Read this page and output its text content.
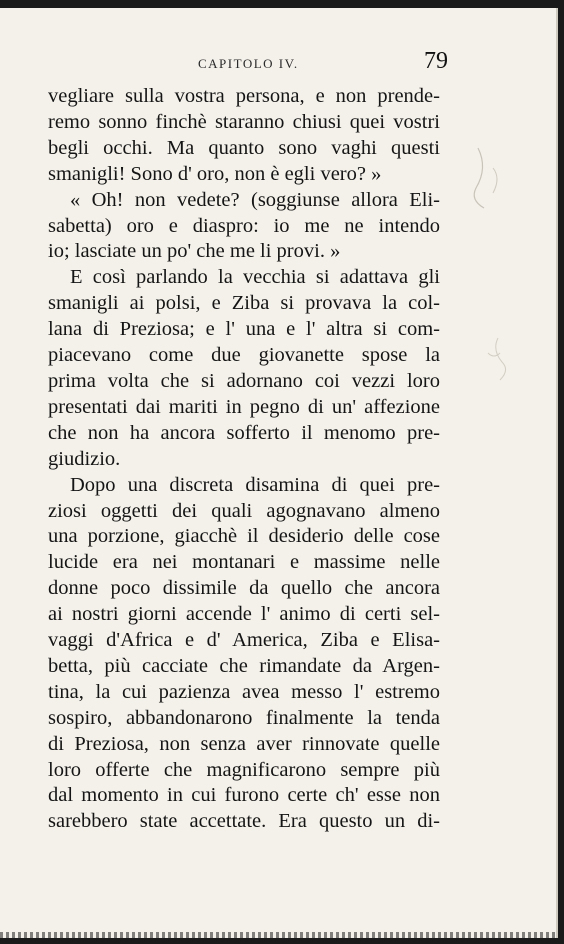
CAPITOLO IV.	79
vegliare sulla vostra persona, e non prende-
remo sonno finchè staranno chiusi quei vostri
begli occhi. Ma quanto sono vaghi questi
smanigli! Sono d' oro, non è egli vero? »
« Oh! non vedete? (soggiunse allora Eli-
sabetta) oro e diaspro: io me ne intendo
io; lasciate un po' che me li provi. »
E così parlando la vecchia si adattava gli
smanigli ai polsi, e Ziba si provava la col-
lana di Preziosa; e l' una e l' altra si com-
piacevano come due giovanette spose la
prima volta che si adornano coi vezzi loro
presentati dai mariti in pegno di un' affezione
che non ha ancora sofferto il menomo pre-
giudizio.
Dopo una discreta disamina di quei pre-
ziosi oggetti dei quali agognavano almeno
una porzione, giacchè il desiderio delle cose
lucide era nei montanari e massime nelle
donne poco dissimile da quello che ancora
ai nostri giorni accende l' animo di certi sel-
vaggi d'Africa e d' America, Ziba e Elisa-
betta, più cacciate che rimandate da Argen-
tina, la cui pazienza avea messo l' estremo
sospiro, abbandonarono finalmente la tenda
di Preziosa, non senza aver rinnovate quelle
loro offerte che magnificarono sempre più
dal momento in cui furono certe ch' esse non
sarebbero state accettate. Era questo un di-
